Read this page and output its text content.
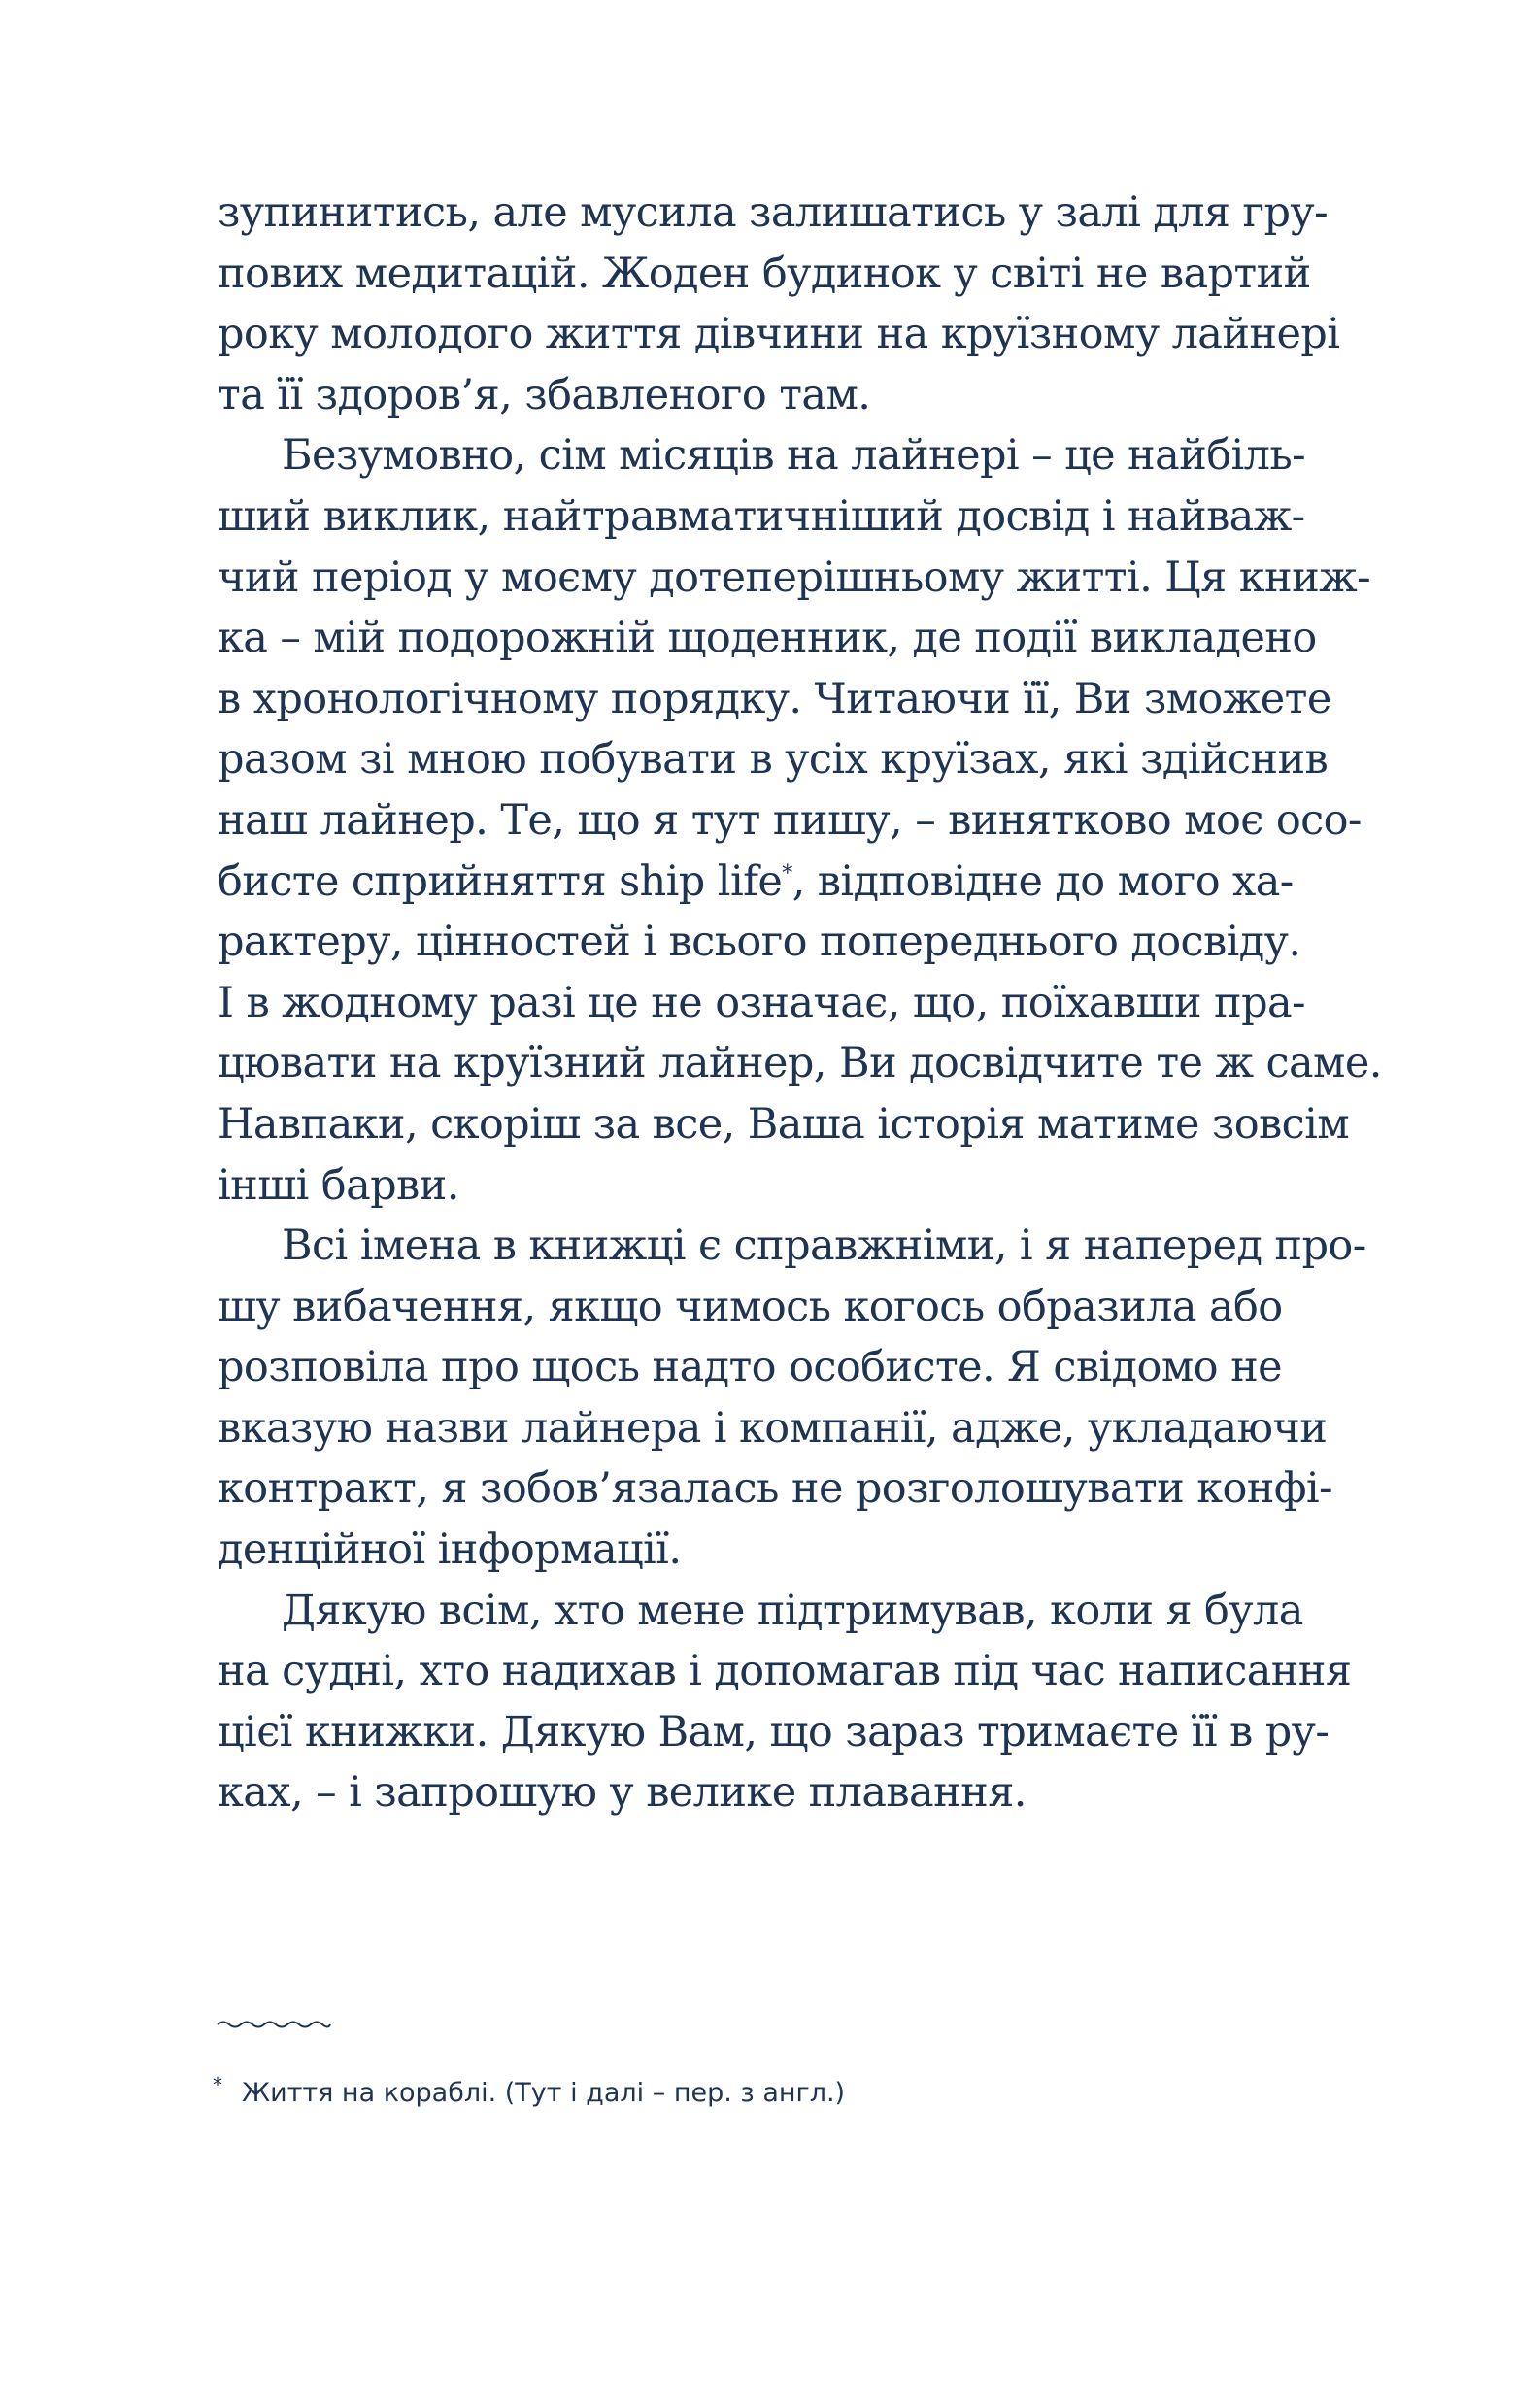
зупинитись, але мусила залишатись у залі для гру-
пових медитацій. Жоден будинок у світі не вартий
року молодого життя дівчини на круїзному лайнері
та її здоров’я, збавленого там.
Безумовно, сім місяців на лайнері – це найбіль-
ший виклик, найтравматичніший досвід і найваж-
чий період у моєму дотеперішньому житті. Ця книж-
ка – мій подорожній щоденник, де події викладено
в хронологічному порядку. Читаючи її, Ви зможете
разом зі мною побувати в усіх круїзах, які здійснив
наш лайнер. Те, що я тут пишу, – винятково моє осо-
бисте сприйняття ship life*, відповідне до мого ха-
рактеру, цінностей і всього попереднього досвіду.
І в жодному разі це не означає, що, поїхавши пра-
цювати на круїзний лайнер, Ви досвідчите те ж саме.
Навпаки, скоріш за все, Ваша історія матиме зовсім
інші барви.
Всі імена в книжці є справжніми, і я наперед про-
шу вибачення, якщо чимось когось образила або
розповіла про щось надто особисте. Я свідомо не
вказую назви лайнера і компанії, адже, укладаючи
контракт, я зобов’язалась не розголошувати конфі-
денційної інформації.
Дякую всім, хто мене підтримував, коли я була
на судні, хто надихав і допомагав під час написання
цієї книжки. Дякую Вам, що зараз тримаєте її в ру-
ках, – і запрошую у велике плавання.
* Життя на кораблі. (Тут і далі – пер. з англ.)
